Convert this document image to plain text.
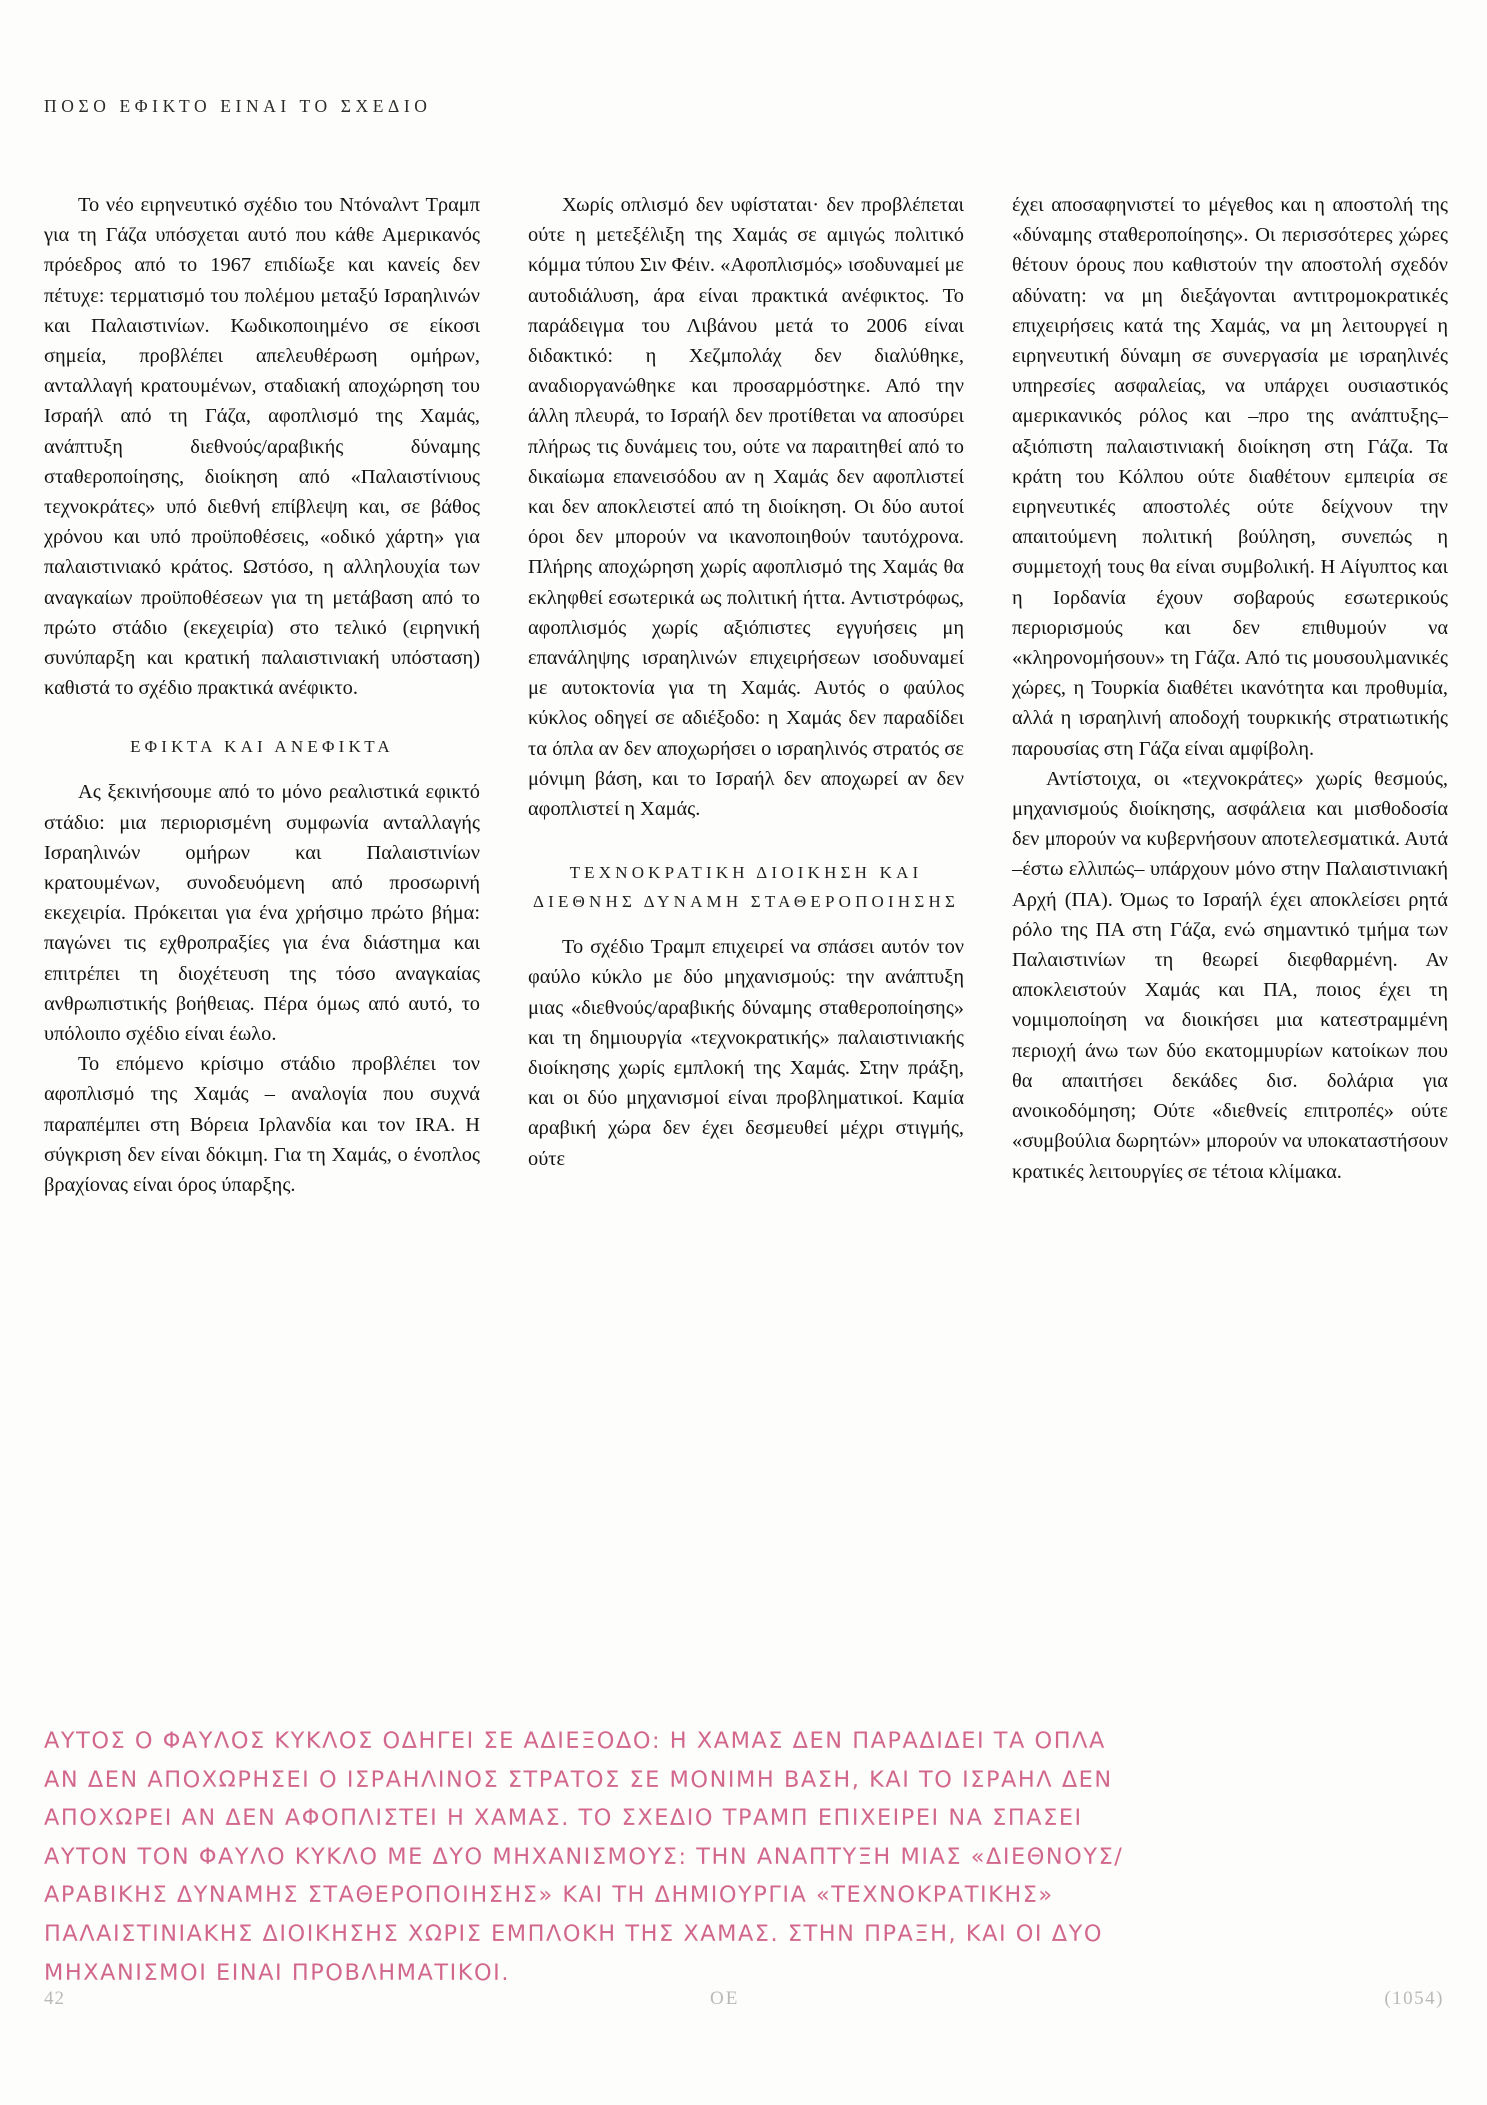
ΠΟΣΟ ΕΦΙΚΤΟ ΕΙΝΑΙ ΤΟ ΣΧΕΔΙΟ

Το νέο ειρηνευτικό σχέδιο του Ντόναλντ Τραμπ για τη Γάζα υπόσχεται αυτό που κάθε Αμερικανός πρόεδρος από το 1967 επιδίωξε και κανείς δεν πέτυχε: τερματισμό του πολέμου μεταξύ Ισραηλινών και Παλαιστινίων. Κωδικοποιημένο σε είκοσι σημεία, προβλέπει απελευθέρωση ομήρων, ανταλλαγή κρατουμένων, σταδιακή αποχώρηση του Ισραήλ από τη Γάζα, αφοπλισμό της Χαμάς, ανάπτυξη διεθνούς/αραβικής δύναμης σταθεροποίησης, διοίκηση από «Παλαιστίνιους τεχνοκράτες» υπό διεθνή επίβλεψη και, σε βάθος χρόνου και υπό προϋποθέσεις, «οδικό χάρτη» για παλαιστινιακό κράτος. Ωστόσο, η αλληλουχία των αναγκαίων προϋποθέσεων για τη μετάβαση από το πρώτο στάδιο (εκεχειρία) στο τελικό (ειρηνική συνύπαρξη και κρατική παλαιστινιακή υπόσταση) καθιστά το σχέδιο πρακτικά ανέφικτο.

ΕΦΙΚΤΑ ΚΑΙ ΑΝΕΦΙΚΤΑ

Ας ξεκινήσουμε από το μόνο ρεαλιστικά εφικτό στάδιο: μια περιορισμένη συμφωνία ανταλλαγής Ισραηλινών ομήρων και Παλαιστινίων κρατουμένων, συνοδευόμενη από προσωρινή εκεχειρία. Πρόκειται για ένα χρήσιμο πρώτο βήμα: παγώνει τις εχθροπραξίες για ένα διάστημα και επιτρέπει τη διοχέτευση της τόσο αναγκαίας ανθρωπιστικής βοήθειας. Πέρα όμως από αυτό, το υπόλοιπο σχέδιο είναι έωλο.

Το επόμενο κρίσιμο στάδιο προβλέπει τον αφοπλισμό της Χαμάς – αναλογία που συχνά παραπέμπει στη Βόρεια Ιρλανδία και τον IRA. Η σύγκριση δεν είναι δόκιμη. Για τη Χαμάς, ο ένοπλος βραχίονας είναι όρος ύπαρξης.

Χωρίς οπλισμό δεν υφίσταται· δεν προβλέπεται ούτε η μετεξέλιξη της Χαμάς σε αμιγώς πολιτικό κόμμα τύπου Σιν Φέιν. «Αφοπλισμός» ισοδυναμεί με αυτοδιάλυση, άρα είναι πρακτικά ανέφικτος. Το παράδειγμα του Λιβάνου μετά το 2006 είναι διδακτικό: η Χεζμπολάχ δεν διαλύθηκε, αναδιοργανώθηκε και προσαρμόστηκε. Από την άλλη πλευρά, το Ισραήλ δεν προτίθεται να αποσύρει πλήρως τις δυνάμεις του, ούτε να παραιτηθεί από το δικαίωμα επανεισόδου αν η Χαμάς δεν αφοπλιστεί και δεν αποκλειστεί από τη διοίκηση. Οι δύο αυτοί όροι δεν μπορούν να ικανοποιηθούν ταυτόχρονα. Πλήρης αποχώρηση χωρίς αφοπλισμό της Χαμάς θα εκληφθεί εσωτερικά ως πολιτική ήττα. Αντιστρόφως, αφοπλισμός χωρίς αξιόπιστες εγγυήσεις μη επανάληψης ισραηλινών επιχειρήσεων ισοδυναμεί με αυτοκτονία για τη Χαμάς. Αυτός ο φαύλος κύκλος οδηγεί σε αδιέξοδο: η Χαμάς δεν παραδίδει τα όπλα αν δεν αποχωρήσει ο ισραηλινός στρατός σε μόνιμη βάση, και το Ισραήλ δεν αποχωρεί αν δεν αφοπλιστεί η Χαμάς.

ΤΕΧΝΟΚΡΑΤΙΚΗ ΔΙΟΙΚΗΣΗ ΚΑΙ
ΔΙΕΘΝΗΣ ΔΥΝΑΜΗ ΣΤΑΘΕΡΟΠΟΙΗΣΗΣ

Το σχέδιο Τραμπ επιχειρεί να σπάσει αυτόν τον φαύλο κύκλο με δύο μηχανισμούς: την ανάπτυξη μιας «διεθνούς/αραβικής δύναμης σταθεροποίησης» και τη δημιουργία «τεχνοκρατικής» παλαιστινιακής διοίκησης χωρίς εμπλοκή της Χαμάς. Στην πράξη, και οι δύο μηχανισμοί είναι προβληματικοί. Καμία αραβική χώρα δεν έχει δεσμευθεί μέχρι στιγμής, ούτε

έχει αποσαφηνιστεί το μέγεθος και η αποστολή της «δύναμης σταθεροποίησης». Οι περισσότερες χώρες θέτουν όρους που καθιστούν την αποστολή σχεδόν αδύνατη: να μη διεξάγονται αντιτρομοκρατικές επιχειρήσεις κατά της Χαμάς, να μη λειτουργεί η ειρηνευτική δύναμη σε συνεργασία με ισραηλινές υπηρεσίες ασφαλείας, να υπάρχει ουσιαστικός αμερικανικός ρόλος και –προ της ανάπτυξης– αξιόπιστη παλαιστινιακή διοίκηση στη Γάζα. Τα κράτη του Κόλπου ούτε διαθέτουν εμπειρία σε ειρηνευτικές αποστολές ούτε δείχνουν την απαιτούμενη πολιτική βούληση, συνεπώς η συμμετοχή τους θα είναι συμβολική. Η Αίγυπτος και η Ιορδανία έχουν σοβαρούς εσωτερικούς περιορισμούς και δεν επιθυμούν να «κληρονομήσουν» τη Γάζα. Από τις μουσουλμανικές χώρες, η Τουρκία διαθέτει ικανότητα και προθυμία, αλλά η ισραηλινή αποδοχή τουρκικής στρατιωτικής παρουσίας στη Γάζα είναι αμφίβολη.

Αντίστοιχα, οι «τεχνοκράτες» χωρίς θεσμούς, μηχανισμούς διοίκησης, ασφάλεια και μισθοδοσία δεν μπορούν να κυβερνήσουν αποτελεσματικά. Αυτά –έστω ελλιπώς– υπάρχουν μόνο στην Παλαιστινιακή Αρχή (ΠΑ). Όμως το Ισραήλ έχει αποκλείσει ρητά ρόλο της ΠΑ στη Γάζα, ενώ σημαντικό τμήμα των Παλαιστινίων τη θεωρεί διεφθαρμένη. Αν αποκλειστούν Χαμάς και ΠΑ, ποιος έχει τη νομιμοποίηση να διοικήσει μια κατεστραμμένη περιοχή άνω των δύο εκατομμυρίων κατοίκων που θα απαιτήσει δεκάδες δισ. δολάρια για ανοικοδόμηση; Ούτε «διεθνείς επιτροπές» ούτε «συμβούλια δωρητών» μπορούν να υποκαταστήσουν κρατικές λειτουργίες σε τέτοια κλίμακα.

ΑΥΤΟΣ Ο ΦΑΥΛΟΣ ΚΥΚΛΟΣ ΟΔΗΓΕΙ ΣΕ ΑΔΙΕΞΟΔΟ: Η ΧΑΜΑΣ ΔΕΝ ΠΑΡΑΔΙΔΕΙ ΤΑ ΟΠΛΑ
ΑΝ ΔΕΝ ΑΠΟΧΩΡΗΣΕΙ Ο ΙΣΡΑΗΛΙΝΟΣ ΣΤΡΑΤΟΣ ΣΕ ΜΟΝΙΜΗ ΒΑΣΗ, ΚΑΙ ΤΟ ΙΣΡΑΗΛ ΔΕΝ
ΑΠΟΧΩΡΕΙ ΑΝ ΔΕΝ ΑΦΟΠΛΙΣΤΕΙ Η ΧΑΜΑΣ. ΤΟ ΣΧΕΔΙΟ ΤΡΑΜΠ ΕΠΙΧΕΙΡΕΙ ΝΑ ΣΠΑΣΕΙ
ΑΥΤΟΝ ΤΟΝ ΦΑΥΛΟ ΚΥΚΛΟ ΜΕ ΔΥΟ ΜΗΧΑΝΙΣΜΟΥΣ: ΤΗΝ ΑΝΑΠΤΥΞΗ ΜΙΑΣ «ΔΙΕΘΝΟΥΣ/
ΑΡΑΒΙΚΗΣ ΔΥΝΑΜΗΣ ΣΤΑΘΕΡΟΠΟΙΗΣΗΣ» ΚΑΙ ΤΗ ΔΗΜΙΟΥΡΓΙΑ «ΤΕΧΝΟΚΡΑΤΙΚΗΣ»
ΠΑΛΑΙΣΤΙΝΙΑΚΗΣ ΔΙΟΙΚΗΣΗΣ ΧΩΡΙΣ ΕΜΠΛΟΚΗ ΤΗΣ ΧΑΜΑΣ. ΣΤΗΝ ΠΡΑΞΗ, ΚΑΙ ΟΙ ΔΥΟ
ΜΗΧΑΝΙΣΜΟΙ ΕΙΝΑΙ ΠΡΟΒΛΗΜΑΤΙΚΟΙ.
42	ΟΕ	(1054)
